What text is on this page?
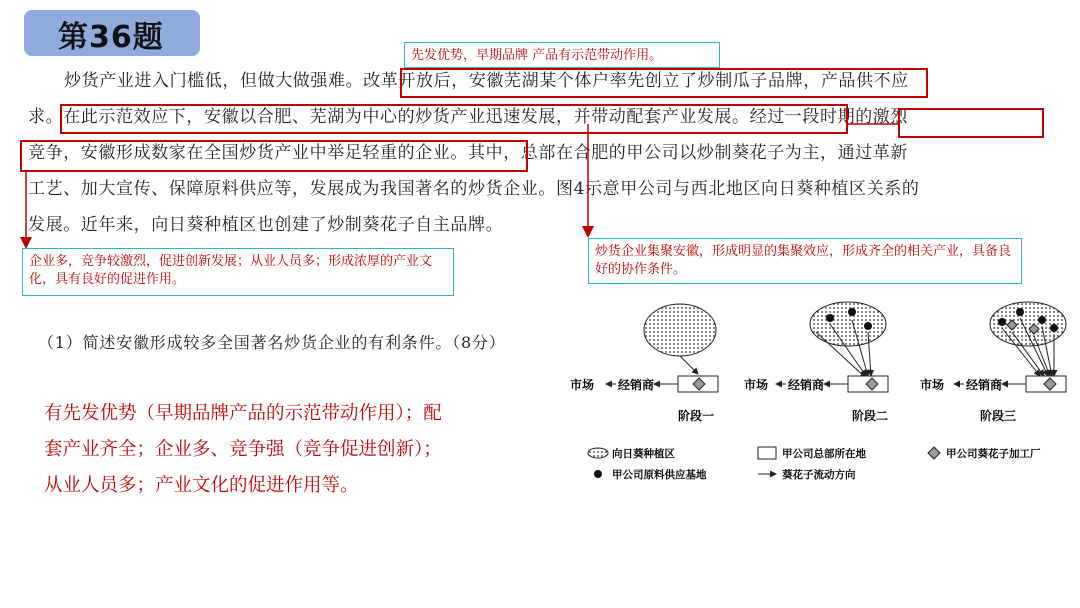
第36题
炒货产业进入门槛低，但做大做强难。改革开放后，安徽芜湖某个体户率先创立了炒制瓜子品牌，产品供不应
求。在此示范效应下，安徽以合肥、芜湖为中心的炒货产业迅速发展，并带动配套产业发展。经过一段时期的激烈
竞争，安徽形成数家在全国炒货产业中举足轻重的企业。其中，总部在合肥的甲公司以炒制葵花子为主，通过革新
工艺、加大宣传、保障原料供应等，发展成为我国著名的炒货企业。图4示意甲公司与西北地区向日葵种植区关系的
发展。近年来，向日葵种植区也创建了炒制葵花子自主品牌。
先发优势，早期品牌 产品有示范带动作用。
企业多，竞争较激烈，促进创新发展；从业人员多；形成浓厚的产业文化，具有良好的促进作用。
炒货企业集聚安徽，形成明显的集聚效应，形成齐全的相关产业，具备良好的协作条件。
（1）简述安徽形成较多全国著名炒货企业的有利条件。（8分）
有先发优势（早期品牌产品的示范带动作用）；配
套产业齐全；企业多、竞争强（竞争促进创新）；
从业人员多；产业文化的促进作用等。
经销商
市场
阶段一
经销商
市场
阶段二
经销商
市场
阶段三
向日葵种植区	甲公司总部所在地	甲公司葵花子加工厂
甲公司原料供应基地	葵花子流动方向
